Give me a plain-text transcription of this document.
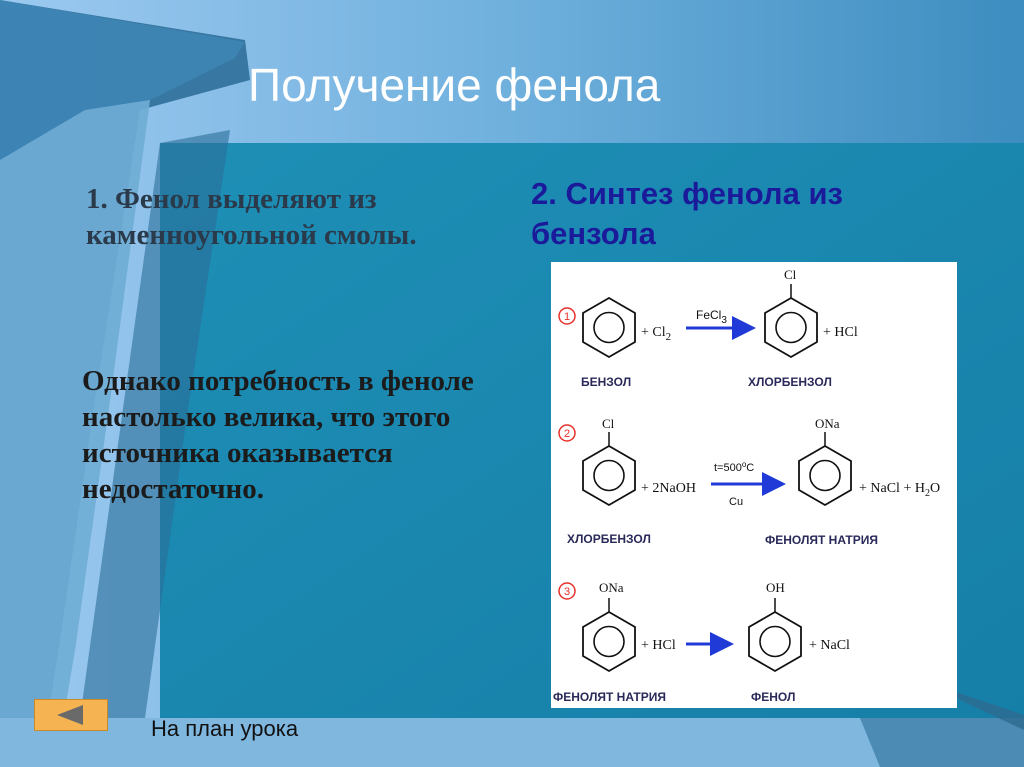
Получение фенола
1. Фенол выделяют из каменноугольной смолы.
Однако потребность в феноле настолько велика, что этого источника оказывается недостаточно.
2. Синтез фенола из бензола
1
+ $Cl_2$
FeCl$_3$
Cl
+ HCl
БЕНЗОЛ	ХЛОРБЕНЗОЛ
2
Cl
+ 2NaOH
$t=500^oC$
Cu
ONa
+ NaCl + $H_2O$
ХЛОРБЕНЗОЛ	ФЕНОЛЯТ НАТРИЯ
3 ONa
+ HCl
OH
+ NaCl
ФЕНОЛЯТ НАТРИЯ	ФЕНОЛ
На план урока
